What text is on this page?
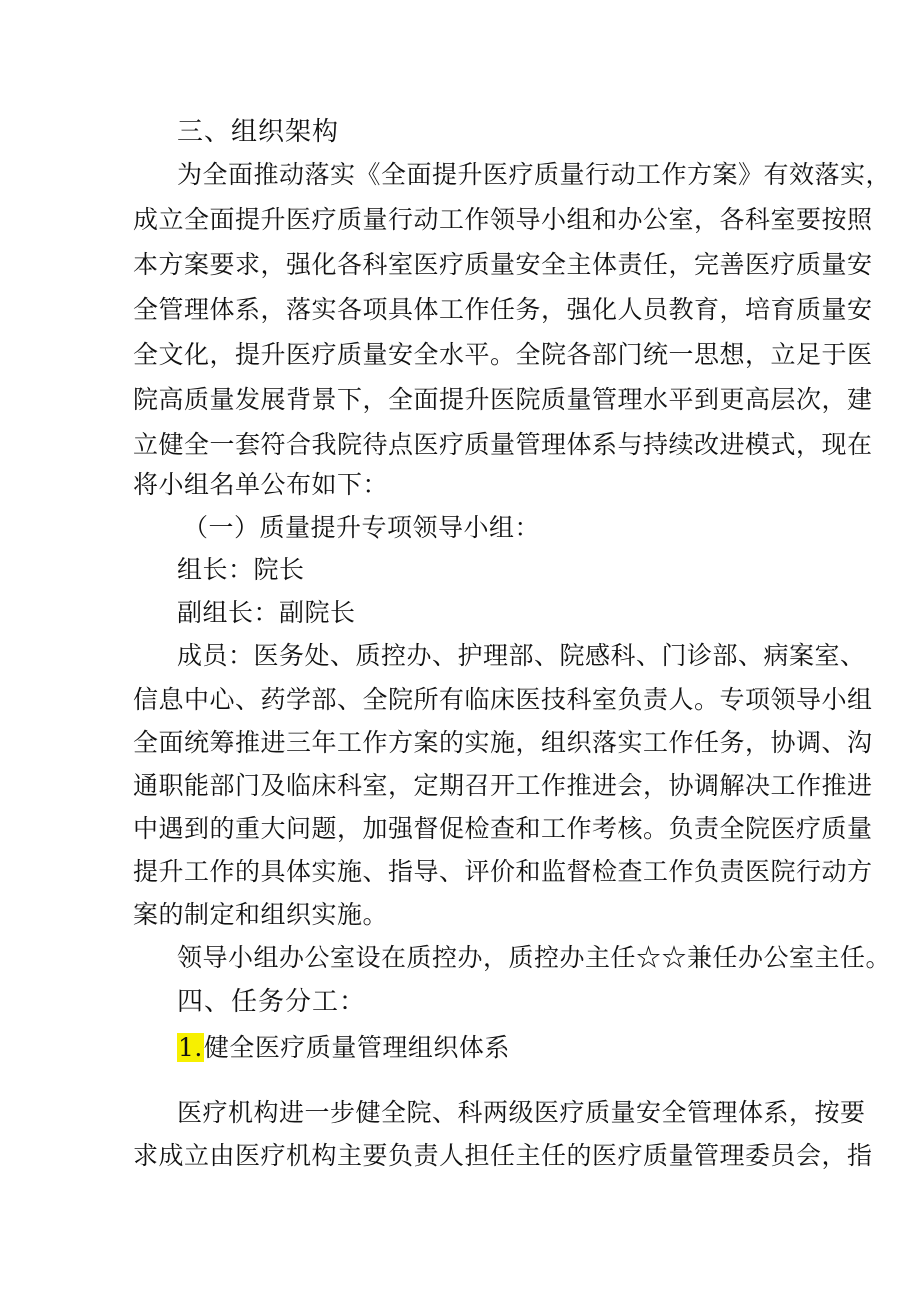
三、组织架构
为全面推动落实《全面提升医疗质量行动工作方案》有效落实，
成立全面提升医疗质量行动工作领导小组和办公室，各科室要按照
本方案要求，强化各科室医疗质量安全主体责任，完善医疗质量安
全管理体系，落实各项具体工作任务，强化人员教育，培育质量安
全文化，提升医疗质量安全水平。全院各部门统一思想，立足于医
院高质量发展背景下，全面提升医院质量管理水平到更高层次，建
立健全一套符合我院待点医疗质量管理体系与持续改进模式，现在
将小组名单公布如下：
（一）质量提升专项领导小组：
组长：院长
副组长：副院长
成员：医务处、质控办、护理部、院感科、门诊部、病案室、
信息中心、药学部、全院所有临床医技科室负责人。专项领导小组
全面统筹推进三年工作方案的实施，组织落实工作任务，协调、沟
通职能部门及临床科室，定期召开工作推进会，协调解决工作推进
中遇到的重大问题，加强督促检查和工作考核。负责全院医疗质量
提升工作的具体实施、指导、评价和监督检查工作负责医院行动方
案的制定和组织实施。
领导小组办公室设在质控办，质控办主任☆☆兼任办公室主任。
四、任务分工：
1.健全医疗质量管理组织体系
医疗机构进一步健全院、科两级医疗质量安全管理体系，按要
求成立由医疗机构主要负责人担任主任的医疗质量管理委员会，指
